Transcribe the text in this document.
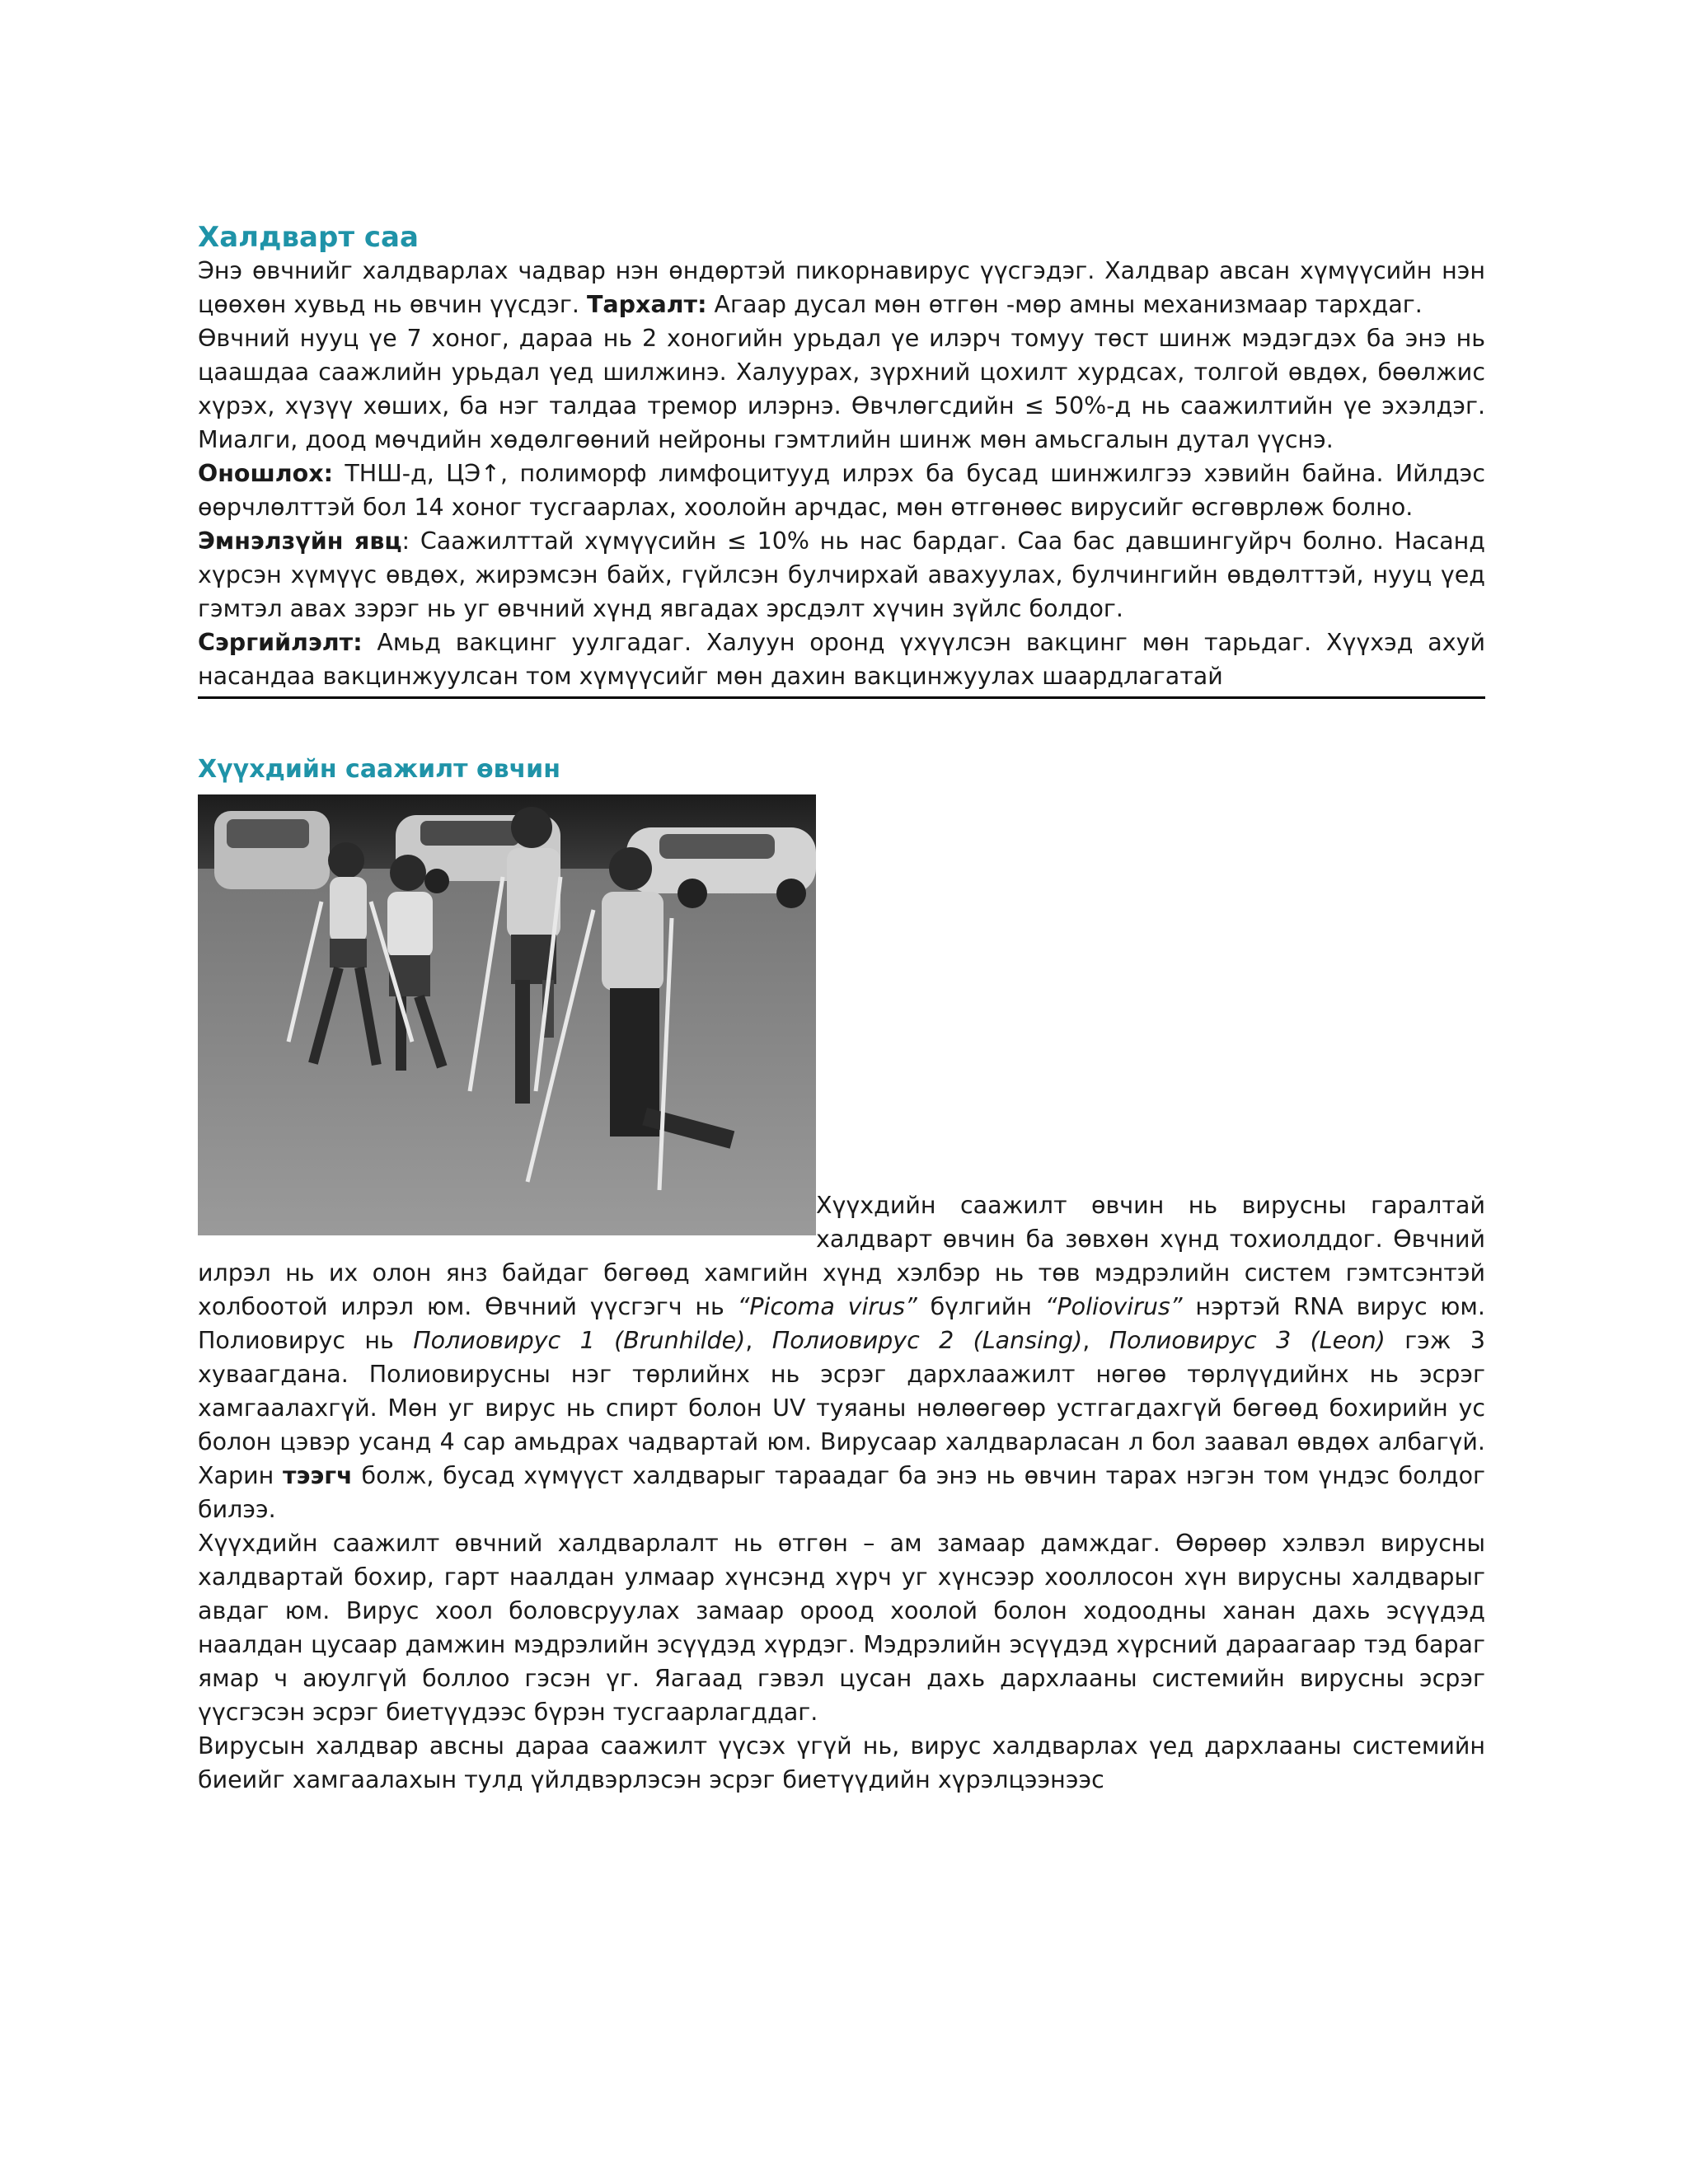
Халдварт саа

Энэ өвчнийг халдварлах чадвар нэн өндөртэй пикорнавирус үүсгэдэг. Халдвар авсан хүмүүсийн нэн цөөхөн хувьд нь өвчин үүсдэг. Тархалт: Агаар дусал мөн өтгөн -мөр амны механизмаар тархдаг.

Өвчний нууц үе 7 хоног, дараа нь 2 хоногийн урьдал үе илэрч томуу төст шинж мэдэгдэх ба энэ нь цаашдаа саажлийн урьдал үед шилжинэ. Халуурах, зүрхний цохилт хурдсах, толгой өвдөх, бөөлжис хүрэх, хүзүү хөших, ба нэг талдаа тремор илэрнэ. Өвчлөгсдийн ≤ 50%-д нь саажилтийн үе эхэлдэг. Миалги, доод мөчдийн хөдөлгөөний нейроны гэмтлийн шинж мөн амьсгалын дутал үүснэ.

Оношлох: ТНШ-д, ЦЭ↑, полиморф лимфоцитууд илрэх ба бусад шинжилгээ хэвийн байна. Ийлдэс өөрчлөлттэй бол 14 хоног тусгаарлах, хоолойн арчдас, мөн өтгөнөөс вирусийг өсгөврлөж болно.

Эмнэлзүйн явц: Саажилттай хүмүүсийн ≤ 10% нь нас бардаг. Саа бас давшингуйрч болно. Насанд хүрсэн хүмүүс өвдөх, жирэмсэн байх, гүйлсэн булчирхай авахуулах, булчингийн өвдөлттэй, нууц үед гэмтэл авах зэрэг нь уг өвчний хүнд явгадах эрсдэлт хүчин зүйлс болдог.

Сэргийлэлт: Амьд вакцинг уулгадаг. Халуун оронд үхүүлсэн вакцинг мөн тарьдаг. Хүүхэд ахуй насандаа вакцинжуулсан том хүмүүсийг мөн дахин вакцинжуулах шаардлагатай

Хүүхдийн саажилт өвчин

Хүүхдийн саажилт өвчин нь вирусны гаралтай халдварт өвчин ба зөвхөн хүнд тохиолддог. Өвчний илрэл нь их олон янз байдаг бөгөөд хамгийн хүнд хэлбэр нь төв мэдрэлийн систем гэмтсэнтэй холбоотой илрэл юм. Өвчний үүсгэгч нь “Picoma virus” бүлгийн “Poliovirus” нэртэй RNA вирус юм. Полиовирус нь Полиовирус 1 (Brunhilde), Полиовирус 2 (Lansing), Полиовирус 3 (Leon) гэж 3 хуваагдана. Полиовирусны нэг төрлийнх нь эсрэг дархлаажилт нөгөө төрлүүдийнх нь эсрэг хамгаалахгүй. Мөн уг вирус нь спирт болон UV туяаны нөлөөгөөр устгагдахгүй бөгөөд бохирийн ус болон цэвэр усанд 4 сар амьдрах чадвартай юм. Вирусаар халдварласан л бол заавал өвдөх албагүй. Харин тээгч болж, бусад хүмүүст халдварыг тараадаг ба энэ нь өвчин тарах нэгэн том үндэс болдог билээ.

Хүүхдийн саажилт өвчний халдварлалт нь өтгөн – ам замаар дамждаг. Өөрөөр хэлвэл вирусны халдвартай бохир, гарт наалдан улмаар хүнсэнд хүрч уг хүнсээр хооллосон хүн вирусны халдварыг авдаг юм. Вирус хоол боловсруулах замаар ороод хоолой болон ходоодны ханан дахь эсүүдэд наалдан цусаар дамжин мэдрэлийн эсүүдэд хүрдэг. Мэдрэлийн эсүүдэд хүрсний дараагаар тэд бараг ямар ч аюулгүй боллоо гэсэн үг. Яагаад гэвэл цусан дахь дархлааны системийн вирусны эсрэг үүсгэсэн эсрэг биетүүдээс бүрэн тусгаарлагддаг.

Вирусын халдвар авсны дараа саажилт үүсэх үгүй нь, вирус халдварлах үед дархлааны системийн биеийг хамгаалахын тулд үйлдвэрлэсэн эсрэг биетүүдийн хүрэлцээнээс
